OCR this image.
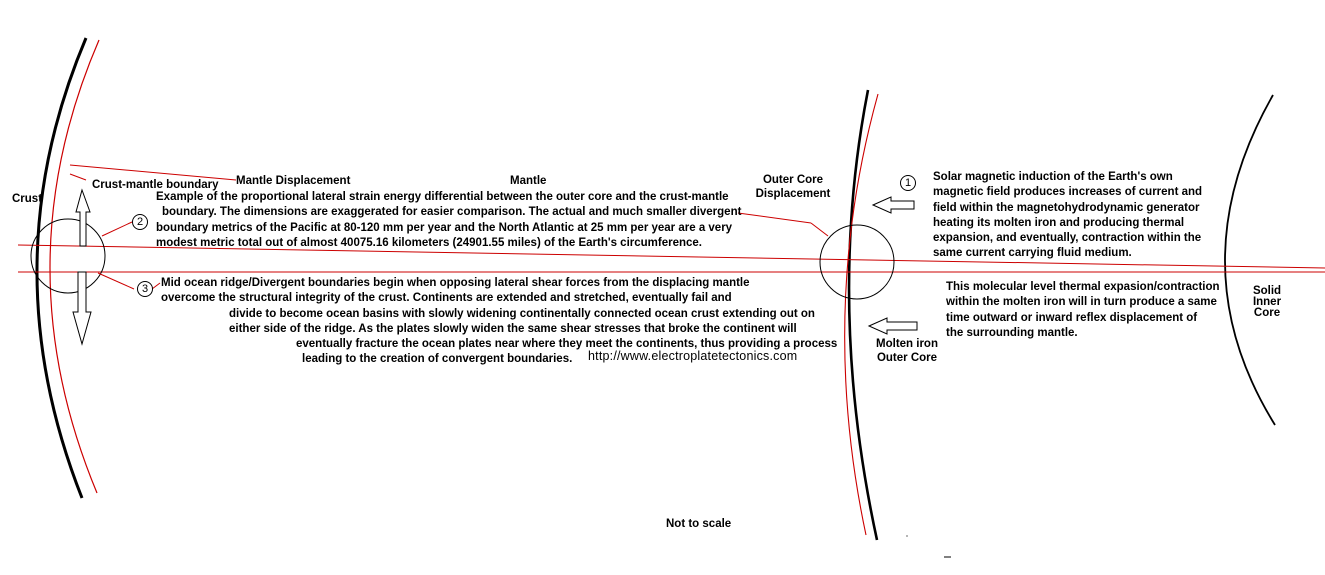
1
2
3
Crust
Crust-mantle boundary Mantle Displacement	Mantle	Outer Core
Displacement
Molten iron
Outer Core
Solid
Inner
Core
Not to scale
Solar magnetic induction of the Earth's own
magnetic field produces increases of current and
field within the magnetohydrodynamic generator
heating its molten iron and producing thermal
expansion, and eventually, contraction within the
same current carrying fluid medium.
This molecular level thermal expasion/contraction
within the molten iron will in turn produce a same
time outward or inward reflex displacement of
the surrounding mantle.
Example of the proportional lateral strain energy differential between the outer core and the crust-mantle
boundary. The dimensions are exaggerated for easier comparison. The actual and much smaller divergent
boundary metrics of the Pacific at 80-120 mm per year and the North Atlantic at 25 mm per year are a very
modest metric total out of almost 40075.16 kilometers (24901.55 miles) of the Earth's circumference.
Mid ocean ridge/Divergent boundaries begin when opposing lateral shear forces from the displacing mantle
overcome the structural integrity of the crust. Continents are extended and stretched, eventually fail and
divide to become ocean basins with slowly widening continentally connected ocean crust extending out on
either side of the ridge. As the plates slowly widen the same shear stresses that broke the continent will
eventually fracture the ocean plates near where they meet the continents, thus providing a process
leading to the creation of convergent boundaries.	http://www.electroplatetectonics.com
